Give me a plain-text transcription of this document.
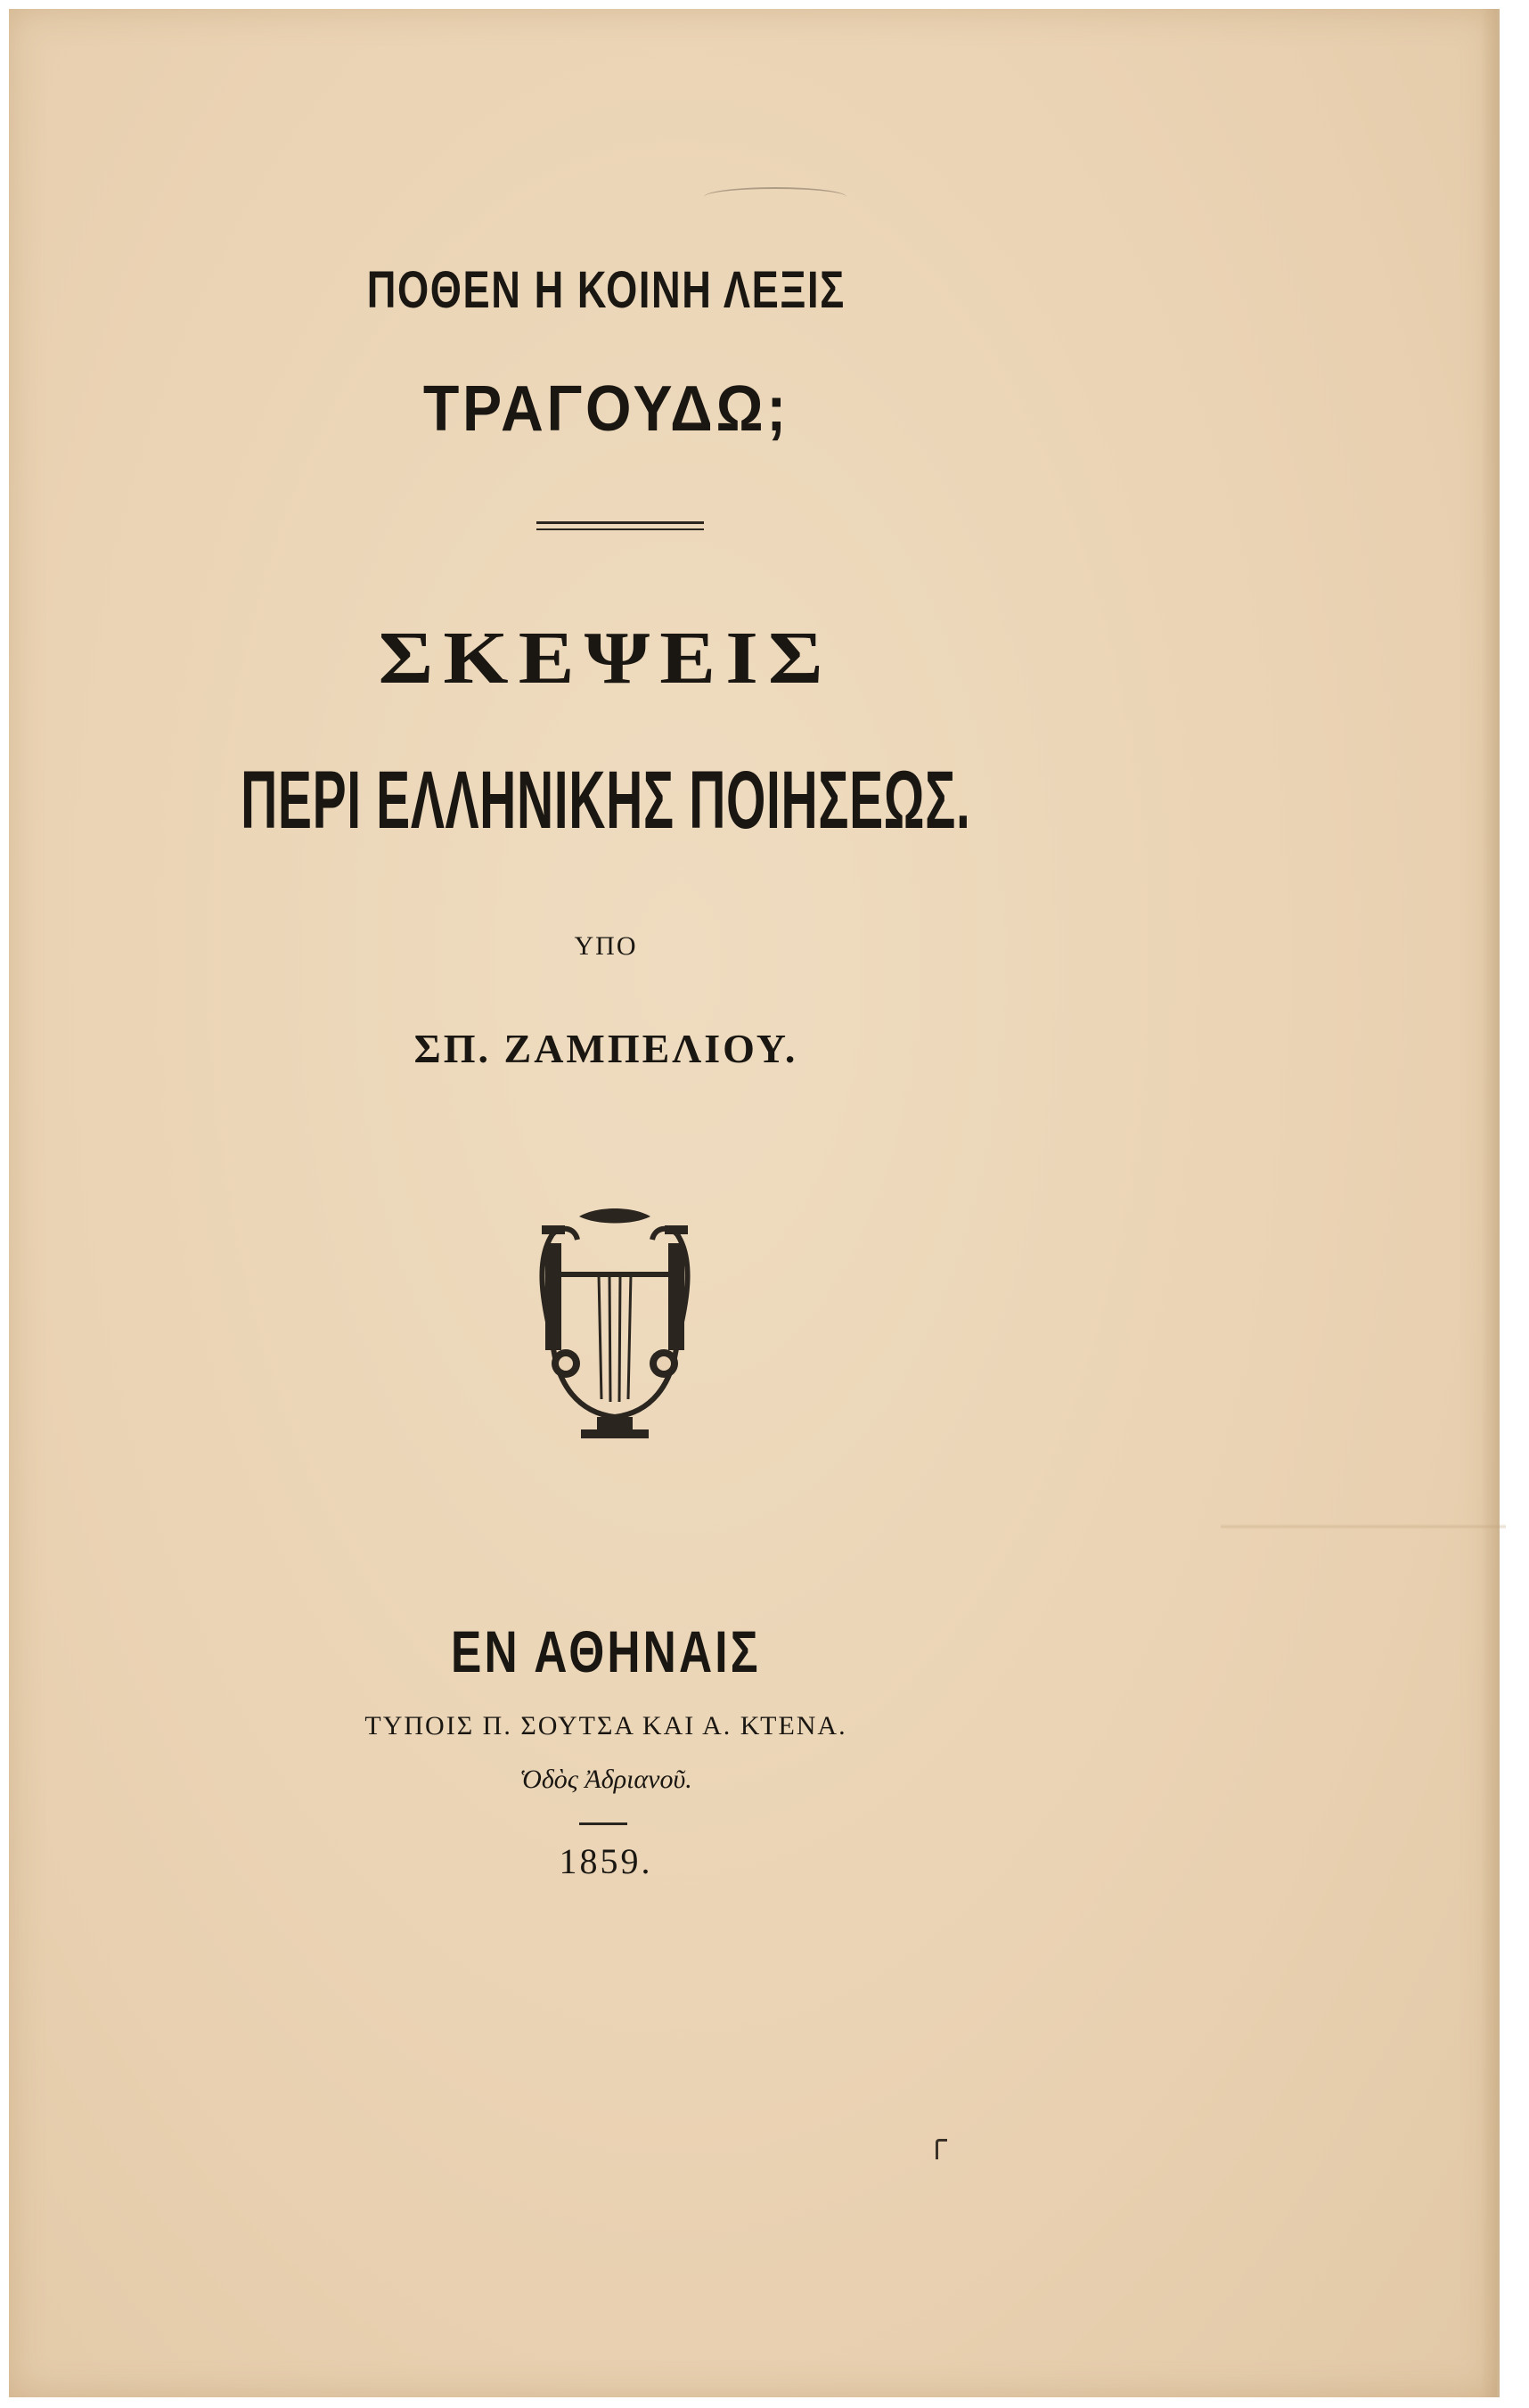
ΠΟΘΕΝ Η ΚΟΙΝΗ ΛΕΞΙΣ

ΤΡΑΓΟΥΔΩ;

ΣΚΕΨΕΙΣ

ΠΕΡΙ ΕΛΛΗΝΙΚΗΣ ΠΟΙΗΣΕΩΣ.

ΥΠΟ

ΣΠ. ΖΑΜΠΕΛΙΟΥ.

ΕΝ ΑΘΗΝΑΙΣ

ΤΥΠΟΙΣ Π. ΣΟΥΤΣΑ ΚΑΙ Α. ΚΤΕΝΑ.

Ὁδὸς Ἀδριανοῦ.

1859.
